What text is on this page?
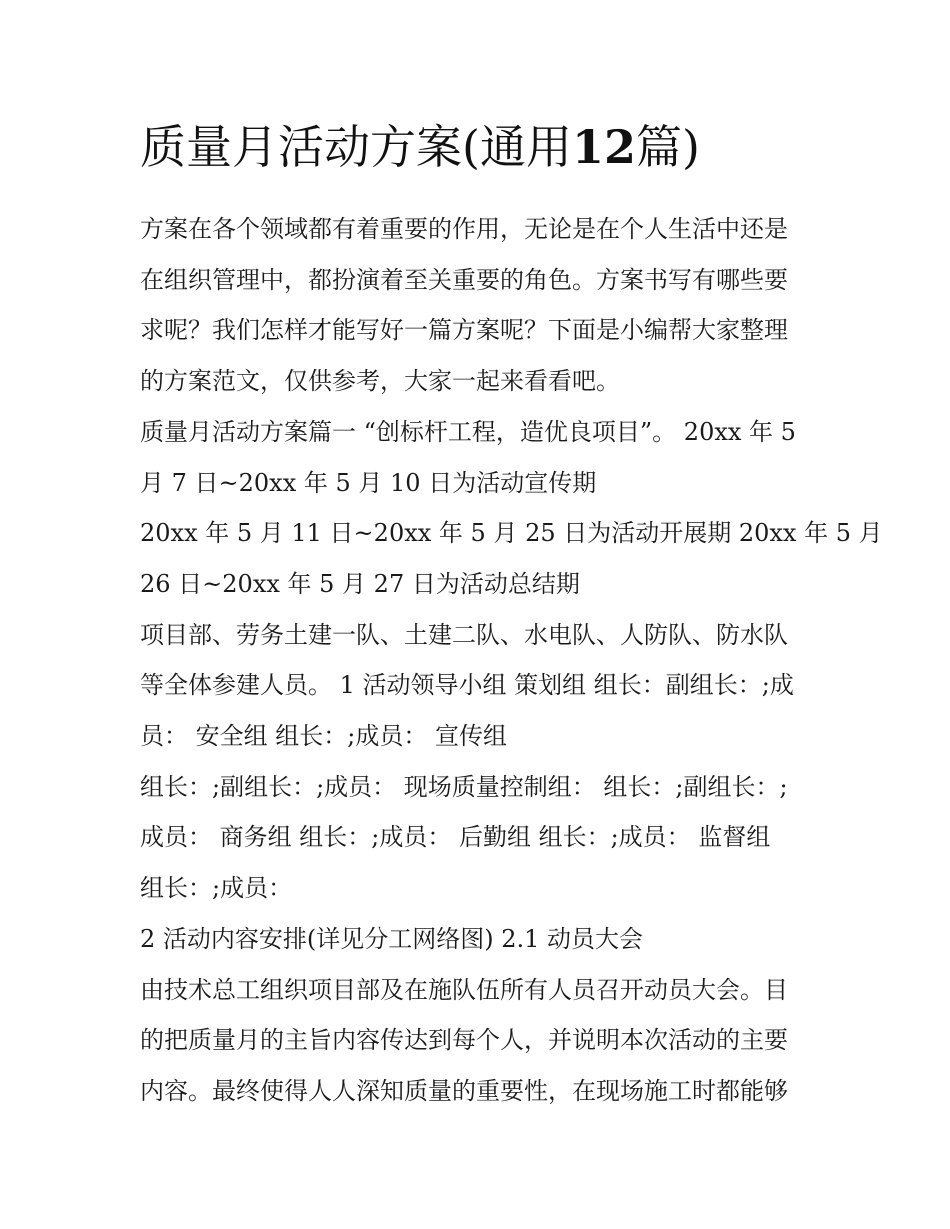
质量月活动方案(通用12篇)
方案在各个领域都有着重要的作用，无论是在个人生活中还是
在组织管理中，都扮演着至关重要的角色。方案书写有哪些要
求呢？我们怎样才能写好一篇方案呢？下面是小编帮大家整理
的方案范文，仅供参考，大家一起来看看吧。
质量月活动方案篇一 “创标杆工程，造优良项目”。 20xx 年 5
月 7 日~20xx 年 5 月 10 日为活动宣传期
20xx 年 5 月 11 日~20xx 年 5 月 25 日为活动开展期 20xx 年 5 月
26 日~20xx 年 5 月 27 日为活动总结期
项目部、劳务土建一队、土建二队、水电队、人防队、防水队
等全体参建人员。 1 活动领导小组 策划组 组长：副组长：;成
员： 安全组 组长：;成员： 宣传组
组长：;副组长：;成员： 现场质量控制组： 组长：;副组长：;
成员： 商务组 组长：;成员： 后勤组 组长：;成员： 监督组
组长：;成员：
2 活动内容安排(详见分工网络图) 2.1 动员大会
由技术总工组织项目部及在施队伍所有人员召开动员大会。目
的把质量月的主旨内容传达到每个人，并说明本次活动的主要
内容。最终使得人人深知质量的重要性，在现场施工时都能够
